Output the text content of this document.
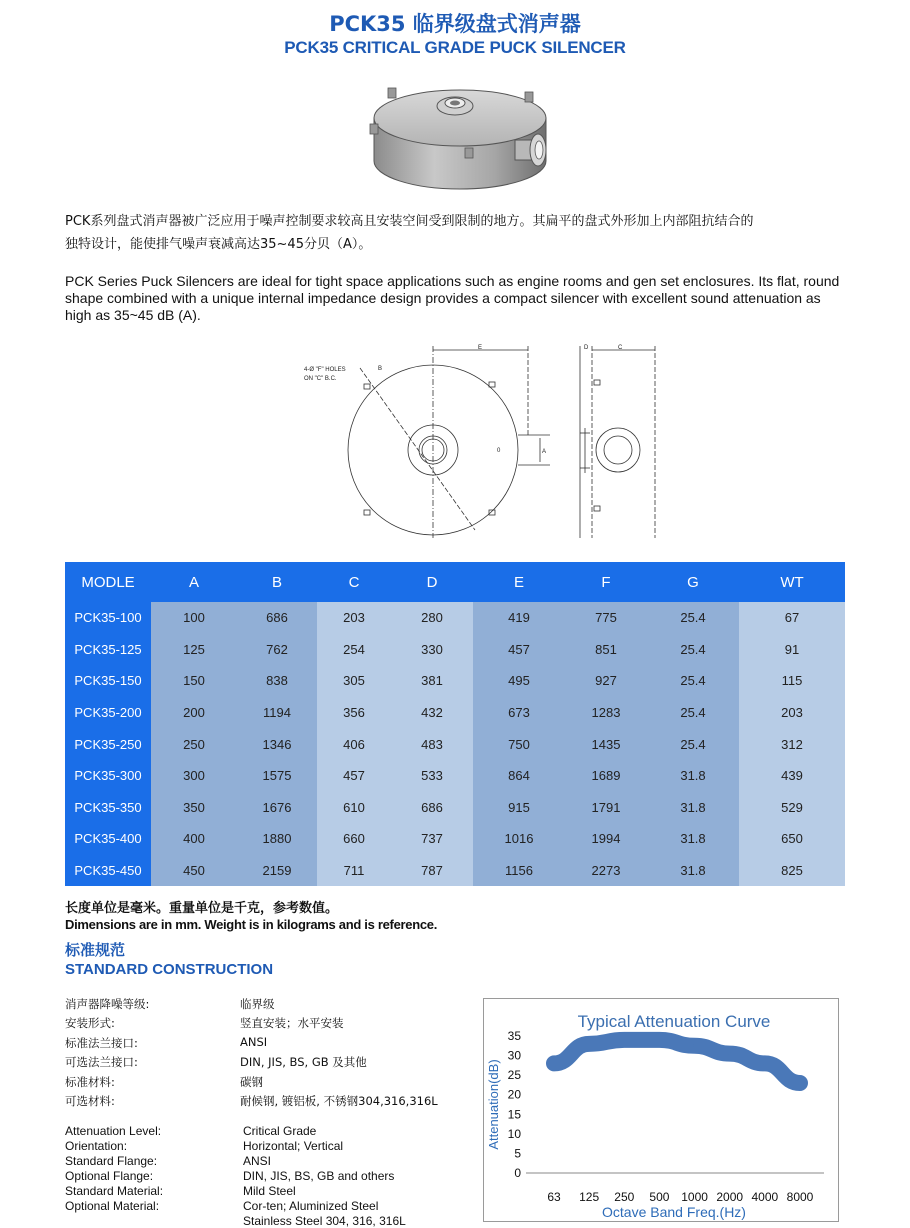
PCK35 临界级盘式消声器
PCK35 CRITICAL GRADE PUCK SILENCER
PCK系列盘式消声器被广泛应用于噪声控制要求较高且安装空间受到限制的地方。其扁平的盘式外形加上内部阻抗结合的
独特设计，能使排气噪声衰减高达35~45分贝（A）。
PCK Series Puck Silencers are ideal for tight space applications such as engine rooms and gen set enclosures. Its flat, round shape combined with a unique internal impedance design provides a compact silencer with excellent sound attenuation as high as 35~45 dB (A).
4-Ø "F" HOLES
ON "C" B.C.
B
E	D	C
A
0
MODLE	A	B	C	D	E	F	G	WT
PCK35-100	100	686	203	280	419	775	25.4	67
PCK35-125	125	762	254	330	457	851	25.4	91
PCK35-150	150	838	305	381	495	927	25.4	115
PCK35-200	200	1194	356	432	673	1283	25.4	203
PCK35-250	250	1346	406	483	750	1435	25.4	312
PCK35-300	300	1575	457	533	864	1689	31.8	439
PCK35-350	350	1676	610	686	915	1791	31.8	529
PCK35-400	400	1880	660	737	1016	1994	31.8	650
PCK35-450	450	2159	711	787	1156	2273	31.8	825
长度单位是毫米。重量单位是千克，参考数值。
Dimensions are in mm. Weight is in kilograms and is reference.
标准规范
STANDARD CONSTRUCTION
消声器降噪等级:	临界级
安装形式:	竖直安装；水平安装
标准法兰接口:	ANSI
可选法兰接口:	DIN, JIS, BS, GB 及其他
标准材料:	碳钢
可选材料:	耐候钢, 镀铝板, 不锈钢304,316,316L
Attenuation Level:	Critical Grade
Orientation:	Horizontal; Vertical
Standard Flange:	ANSI
Optional Flange:	DIN, JIS, BS, GB and others
Standard Material:	Mild Steel
Optional Material:	Cor-ten; Aluminized Steel
Stainless Steel 304, 316, 316L
Typical Attenuation Curve
0
5
10
15
20
25
30
35
63 125 250 500 1000 2000 4000 8000
Octave Band Freq.(Hz)
Attenuation(dB)
